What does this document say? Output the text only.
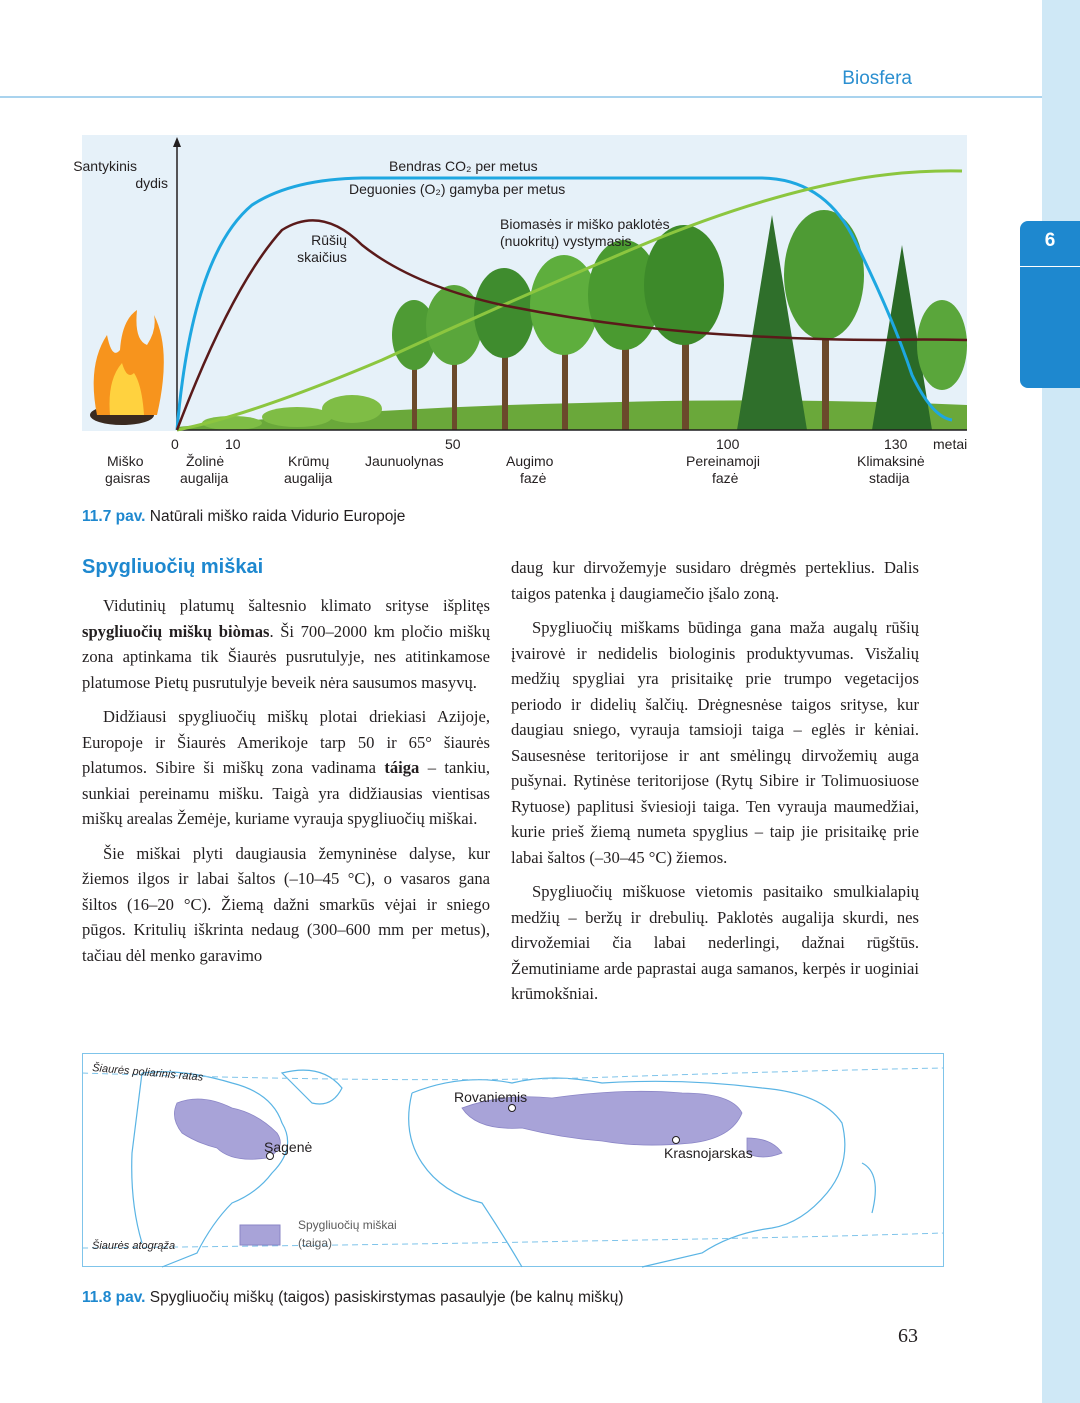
6
Biosfera
Santykinis
dydis
Bendras CO₂ per metus
Deguonies (O₂) gamyba per metus
Rūšių
skaičius
Biomasės ir miško paklotės
(nuokritų) vystymasis
0	10	50	100	130 metai
Miško
gaisras
Žolinė
augalija
Krūmų
augalija
Jaunuolynas	Augimo
fazė
Pereinamoji
fazė
Klimaksinė
stadija
11.7 pav. Natūrali miško raida Vidurio Europoje
Spygliuočių miškai

Vidutinių platumų šaltesnio klimato srityse išplitęs spygliuočių miškų biòmas. Ši 700–2000 km pločio miškų zona aptinkama tik Šiaurės pusrutulyje, nes atitinkamose platumose Pietų pusrutulyje beveik nėra sausumos masyvų.

Didžiausi spygliuočių miškų plotai driekiasi Azijoje, Europoje ir Šiaurės Amerikoje tarp 50 ir 65° šiaurės platumos. Sibire ši miškų zona vadinama táiga – tankiu, sunkiai pereinamu mišku. Taigà yra didžiausias vientisas miškų arealas Žemėje, kuriame vyrauja spygliuočių miškai.

Šie miškai plyti daugiausia žemyninėse dalyse, kur žiemos ilgos ir labai šaltos (–10–45 °C), o vasaros gana šiltos (16–20 °C). Žiemą dažni smarkūs vėjai ir sniego pūgos. Kritulių iškrinta nedaug (300–600 mm per metus), tačiau dėl menko garavimo

daug kur dirvožemyje susidaro drėgmės perteklius. Dalis taigos patenka į daugiamečio įšalo zoną.

Spygliuočių miškams būdinga gana maža augalų rūšių įvairovė ir nedidelis biologinis produktyvumas. Visžalių medžių spygliai yra prisitaikę prie trumpo vegetacijos periodo ir didelių šalčių. Drėgnesnėse taigos srityse, kur daugiau sniego, vyrauja tamsioji taiga – eglės ir kėniai. Sausesnėse teritorijose ir ant smėlingų dirvožemių auga pušynai. Rytinėse teritorijose (Rytų Sibire ir Tolimuosiuose Rytuose) paplitusi šviesioji taiga. Ten vyrauja maumedžiai, kurie prieš žiemą numeta spyglius – taip jie prisitaikę prie labai šaltos (–30–45 °C) žiemos.

Spygliuočių miškuose vietomis pasitaiko smulkialapių medžių – beržų ir drebulių. Paklotės augalija skurdi, nes dirvožemiai čia labai nederlingi, dažnai rūgštūs. Žemutiniame arde paprastai auga samanos, kerpės ir uoginiai krūmokšniai.

Šiaurės poliarinis ratas
Šiaurės atogrąža
Rovaniemis
Sagenė	Krasnojarskas
Spygliuočių miškai
(taiga)
11.8 pav. Spygliuočių miškų (taigos) pasiskirstymas pasaulyje (be kalnų miškų)
63
